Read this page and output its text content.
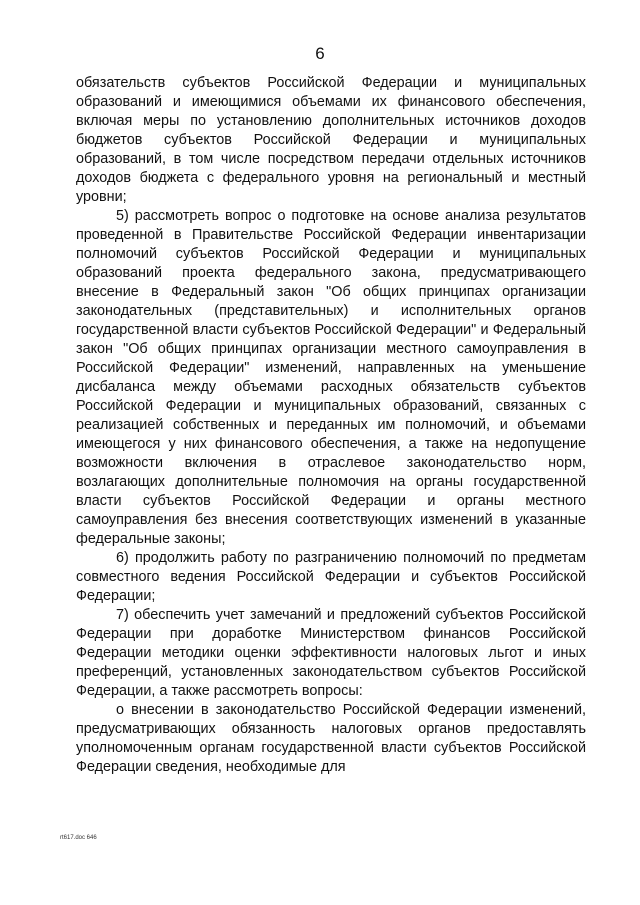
6

обязательств субъектов Российской Федерации и муниципальных образований и имеющимися объемами их финансового обеспечения, включая меры по установлению дополнительных источников доходов бюджетов субъектов Российской Федерации и муниципальных образований, в том числе посредством передачи отдельных источников доходов бюджета с федерального уровня на региональный и местный уровни;

5) рассмотреть вопрос о подготовке на основе анализа результатов проведенной в Правительстве Российской Федерации инвентаризации полномочий субъектов Российской Федерации и муниципальных образований проекта федерального закона, предусматривающего внесение в Федеральный закон "Об общих принципах организации законодательных (представительных) и исполнительных органов государственной власти субъектов Российской Федерации" и Федеральный закон "Об общих принципах организации местного самоуправления в Российской Федерации" изменений, направленных на уменьшение дисбаланса между объемами расходных обязательств субъектов Российской Федерации и муниципальных образований, связанных с реализацией собственных и переданных им полномочий, и объемами имеющегося у них финансового обеспечения, а также на недопущение возможности включения в отраслевое законодательство норм, возлагающих дополнительные полномочия на органы государственной власти субъектов Российской Федерации и органы местного самоуправления без внесения соответствующих изменений в указанные федеральные законы;

6) продолжить работу по разграничению полномочий по предметам совместного ведения Российской Федерации и субъектов Российской Федерации;

7) обеспечить учет замечаний и предложений субъектов Российской Федерации при доработке Министерством финансов Российской Федерации методики оценки эффективности налоговых льгот и иных преференций, установленных законодательством субъектов Российской Федерации, а также рассмотреть вопросы:

о внесении в законодательство Российской Федерации изменений, предусматривающих обязанность налоговых органов предоставлять уполномоченным органам государственной власти субъектов Российской Федерации сведения, необходимые для

rt617.doc 646
